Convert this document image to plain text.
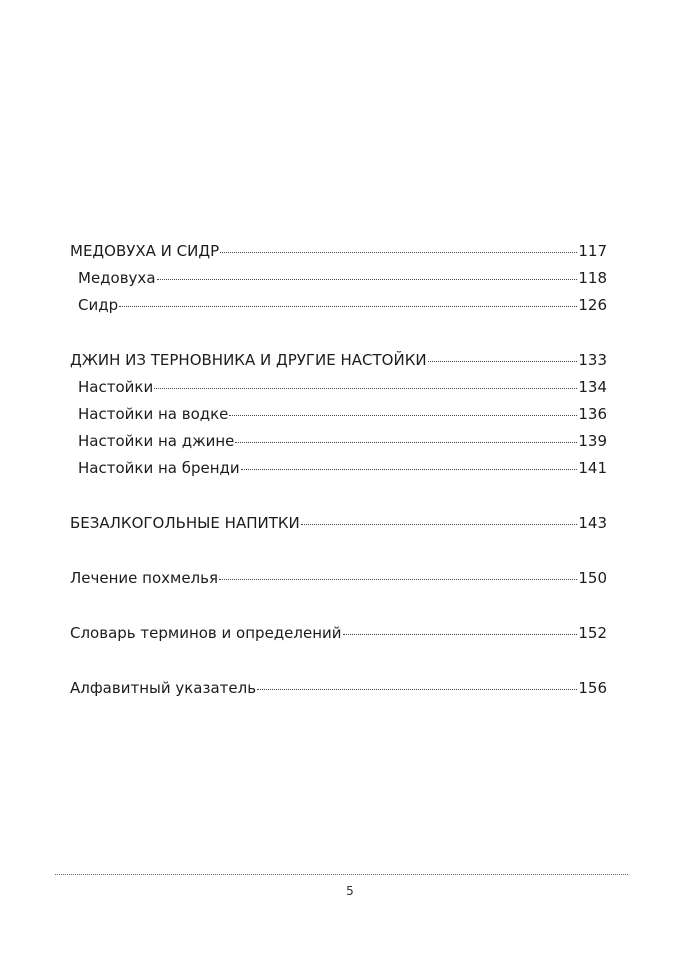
МЕДОВУХА И СИДР	117
Медовуха	118
Сидр	126
ДЖИН ИЗ ТЕРНОВНИКА И ДРУГИЕ НАСТОЙКИ	133
Настойки	134
Настойки на водке	136
Настойки на джине	139
Настойки на бренди	141
БЕЗАЛКОГОЛЬНЫЕ НАПИТКИ	143
Лечение похмелья	150
Словарь терминов и определений	152
Алфавитный указатель	156
5
